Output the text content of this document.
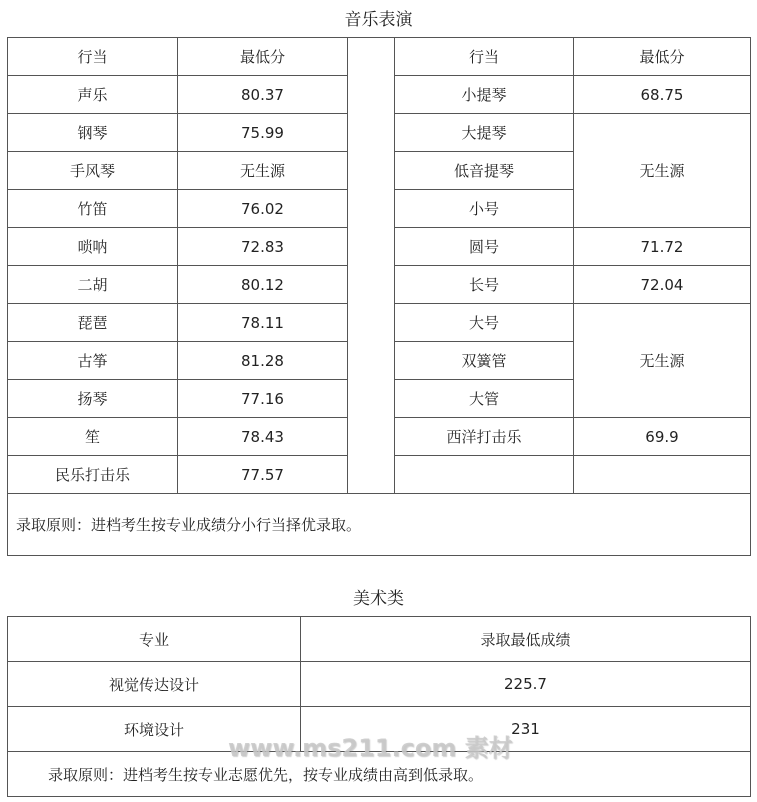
音乐表演
行当	最低分		行当	最低分
声乐	80.37		小提琴	68.75
钢琴	75.99		大提琴	无生源
手风琴	无生源		低音提琴	
竹笛	76.02		小号	
唢呐	72.83		圆号	71.72
二胡	80.12		长号	72.04
琵琶	78.11		大号	无生源
古筝	81.28		双簧管	
扬琴	77.16		大管	
笙	78.43		西洋打击乐	69.9
民乐打击乐	77.57			
录取原则：进档考生按专业成绩分小行当择优录取。				
美术类
专业	录取最低成绩
视觉传达设计	225.7
环境设计	231
录取原则：进档考生按专业志愿优先，按专业成绩由高到低录取。	
www.ms211.com 素材
